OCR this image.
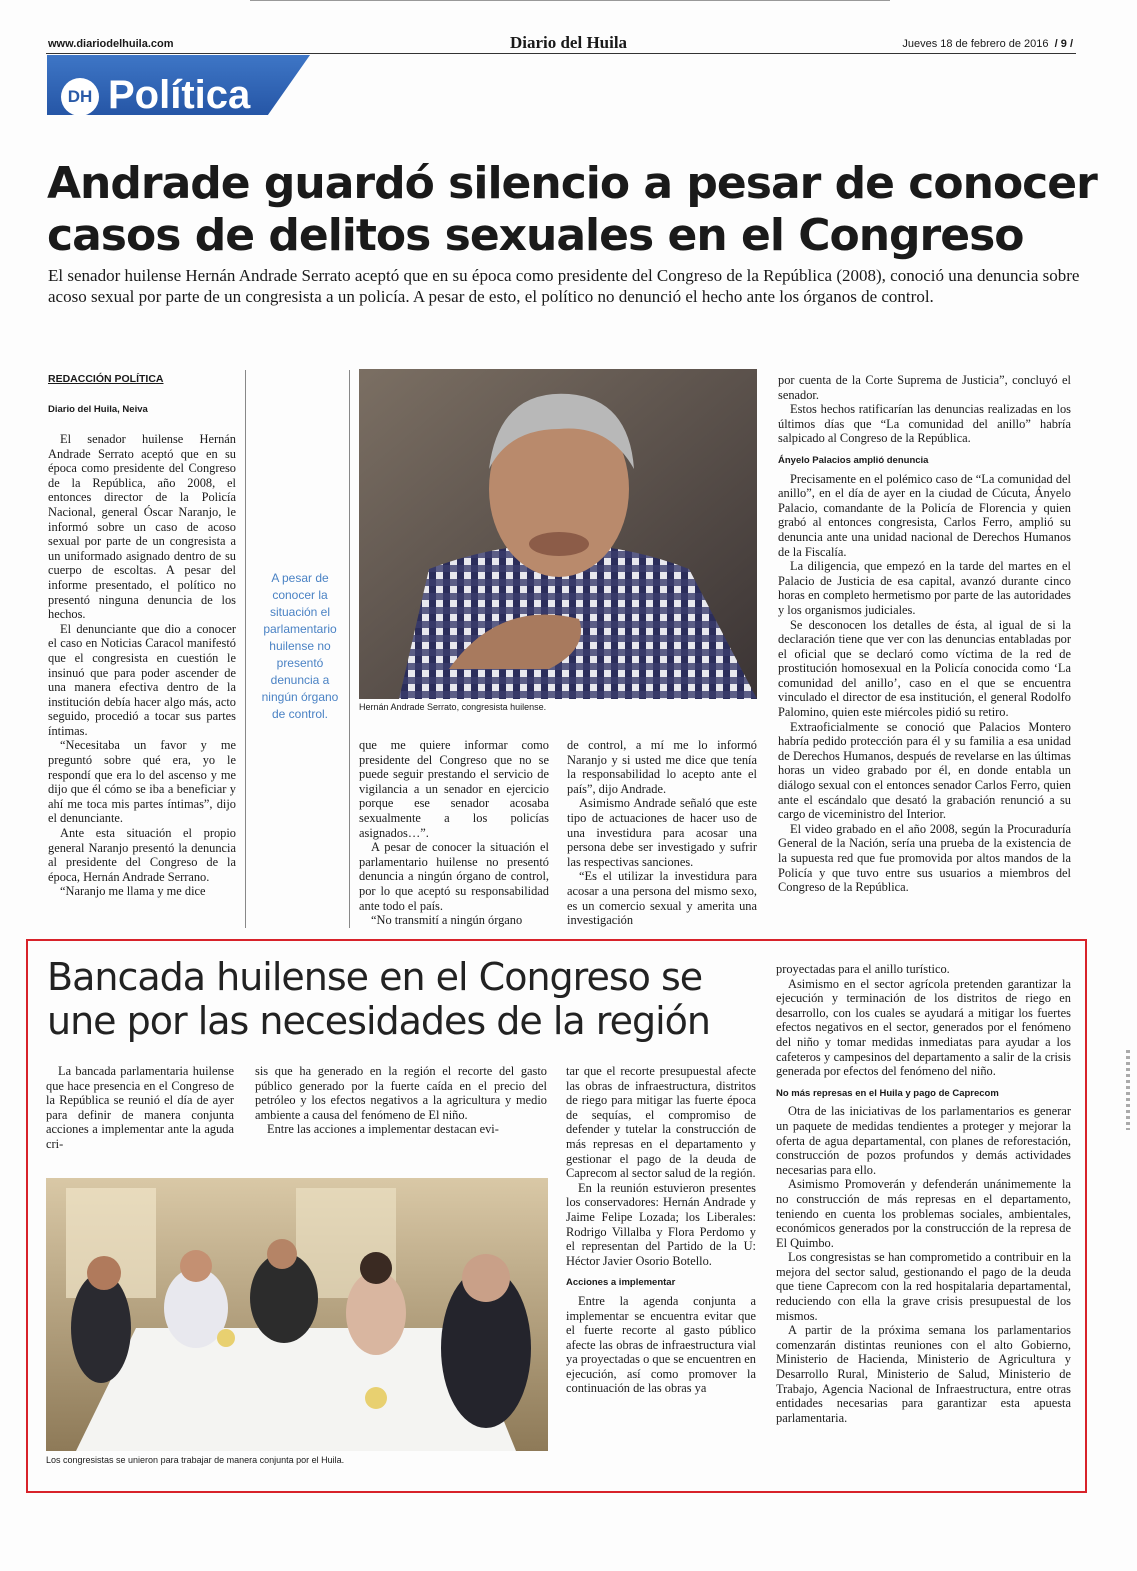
www.diariodelhuila.com	Diario del Huila	Jueves 18 de febrero de 2016 / 9 /
DH Política
Andrade guardó silencio a pesar de conocer
casos de delitos sexuales en el Congreso
El senador huilense Hernán Andrade Serrato aceptó que en su época como presidente del Congreso de la República (2008), conoció una denuncia sobre acoso sexual por parte de un congresista a un policía. A pesar de esto, el político no denunció el hecho ante los órganos de control.
REDACCIÓN POLÍTICA
Diario del Huila, Neiva

El senador huilense Hernán Andrade Serrato aceptó que en su época como presidente del Congreso de la República, año 2008, el entonces director de la Policía Nacional, general Óscar Naranjo, le informó sobre un caso de acoso sexual por parte de un congresista a un uniformado asignado dentro de su cuerpo de escoltas. A pesar del informe presentado, el político no presentó ninguna denuncia de los hechos.

El denunciante que dio a conocer el caso en Noticias Caracol manifestó que el congresista en cuestión le insinuó que para poder ascender de una manera efectiva dentro de la institución debía hacer algo más, acto seguido, procedió a tocar sus partes íntimas.

“Necesitaba un favor y me preguntó sobre qué era, yo le respondí que era lo del ascenso y me dijo que él cómo se iba a beneficiar y ahí me toca mis partes íntimas”, dijo el denunciante.

Ante esta situación el propio general Naranjo presentó la denuncia al presidente del Congreso de la época, Hernán Andrade Serrano.

“Naranjo me llama y me dice

A pesar de conocer la situación el parlamentario huilense no presentó denuncia a ningún órgano de control.	Hernán Andrade Serrato, congresista huilense.

que me quiere informar como presidente del Congreso que no se puede seguir prestando el servicio de vigilancia a un senador en ejercicio porque ese senador acosaba sexualmente a los policías asignados…”.

A pesar de conocer la situación el parlamentario huilense no presentó denuncia a ningún órgano de control, por lo que aceptó su responsabilidad ante todo el país.

“No transmití a ningún órgano

de control, a mí me lo informó Naranjo y si usted me dice que tenía la responsabilidad lo acepto ante el país”, dijo Andrade.

Asimismo Andrade señaló que este tipo de actuaciones de hacer uso de una investidura para acosar una persona debe ser investigado y sufrir las respectivas sanciones.

“Es el utilizar la investidura para acosar a una persona del mismo sexo, es un comercio sexual y amerita una investigación

por cuenta de la Corte Suprema de Justicia”, concluyó el senador.

Estos hechos ratificarían las denuncias realizadas en los últimos días que “La comunidad del anillo” habría salpicado al Congreso de la República.

Ányelo Palacios amplió denuncia

Precisamente en el polémico caso de “La comunidad del anillo”, en el día de ayer en la ciudad de Cúcuta, Ányelo Palacio, comandante de la Policía de Florencia y quien grabó al entonces congresista, Carlos Ferro, amplió su denuncia ante una unidad nacional de Derechos Humanos de la Fiscalía.

La diligencia, que empezó en la tarde del martes en el Palacio de Justicia de esa capital, avanzó durante cinco horas en completo hermetismo por parte de las autoridades y los organismos judiciales.

Se desconocen los detalles de ésta, al igual de si la declaración tiene que ver con las denuncias entabladas por el oficial que se declaró como víctima de la red de prostitución homosexual en la Policía conocida como ‘La comunidad del anillo’, caso en el que se encuentra vinculado el director de esa institución, el general Rodolfo Palomino, quien este miércoles pidió su retiro.

Extraoficialmente se conoció que Palacios Montero habría pedido protección para él y su familia a esa unidad de Derechos Humanos, después de revelarse en las últimas horas un video grabado por él, en donde entabla un diálogo sexual con el entonces senador Carlos Ferro, quien ante el escándalo que desató la grabación renunció a su cargo de viceministro del Interior.

El video grabado en el año 2008, según la Procuraduría General de la Nación, sería una prueba de la existencia de la supuesta red que fue promovida por altos mandos de la Policía y que tuvo entre sus usuarios a miembros del Congreso de la República.

Bancada huilense en el Congreso se
une por las necesidades de la región

La bancada parlamentaria huilense que hace presencia en el Congreso de la República se reunió el día de ayer para definir de manera conjunta acciones a implementar ante la aguda cri-

sis que ha generado en la región el recorte del gasto público generado por la fuerte caída en el precio del petróleo y los efectos negativos a la agricultura y medio ambiente a causa del fenómeno de El niño.

Entre las acciones a implementar destacan evi-

Los congresistas se unieron para trabajar de manera conjunta por el Huila.

tar que el recorte presupuestal afecte las obras de infraestructura, distritos de riego para mitigar las fuerte época de sequías, el compromiso de defender y tutelar la construcción de más represas en el departamento y gestionar el pago de la deuda de Caprecom al sector salud de la región.

En la reunión estuvieron presentes los conservadores: Hernán Andrade y Jaime Felipe Lozada; los Liberales: Rodrigo Villalba y Flora Perdomo y el representan del Partido de la U: Héctor Javier Osorio Botello.

Acciones a implementar

Entre la agenda conjunta a implementar se encuentra evitar que el fuerte recorte al gasto público afecte las obras de infraestructura vial ya proyectadas o que se encuentren en ejecución, así como promover la continuación de las obras ya

proyectadas para el anillo turístico.

Asimismo en el sector agrícola pretenden garantizar la ejecución y terminación de los distritos de riego en desarrollo, con los cuales se ayudará a mitigar los fuertes efectos negativos en el sector, generados por el fenómeno del niño y tomar medidas inmediatas para ayudar a los cafeteros y campesinos del departamento a salir de la crisis generada por efectos del fenómeno del niño.

No más represas en el Huila y pago de Caprecom

Otra de las iniciativas de los parlamentarios es generar un paquete de medidas tendientes a proteger y mejorar la oferta de agua departamental, con planes de reforestación, construcción de pozos profundos y demás actividades necesarias para ello.

Asimismo Promoverán y defenderán unánimemente la no construcción de más represas en el departamento, teniendo en cuenta los problemas sociales, ambientales, económicos generados por la construcción de la represa de El Quimbo.

Los congresistas se han comprometido a contribuir en la mejora del sector salud, gestionando el pago de la deuda que tiene Caprecom con la red hospitalaria departamental, reduciendo con ella la grave crisis presupuestal de los mismos.

A partir de la próxima semana los parlamentarios comenzarán distintas reuniones con el alto Gobierno, Ministerio de Hacienda, Ministerio de Agricultura y Desarrollo Rural, Ministerio de Salud, Ministerio de Trabajo, Agencia Nacional de Infraestructura, entre otras entidades necesarias para garantizar esta apuesta parlamentaria.
